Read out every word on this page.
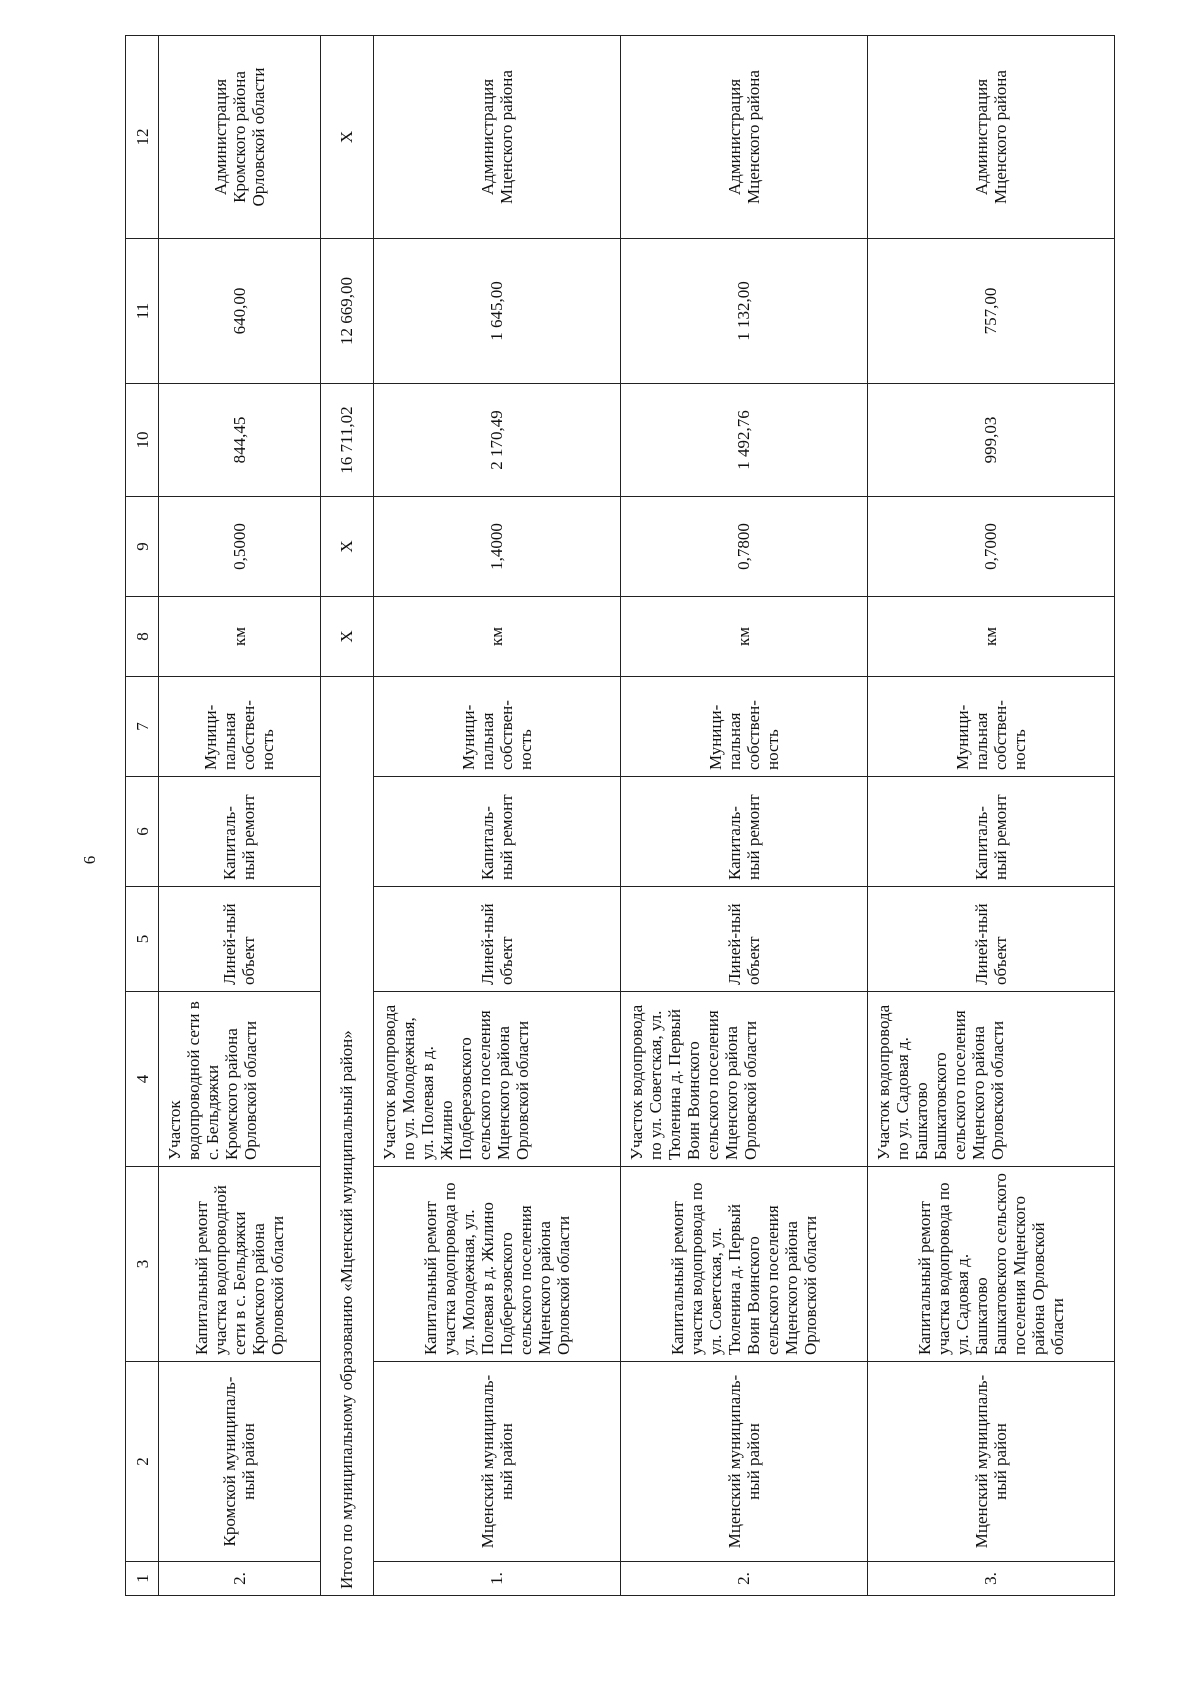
6
1	2	3	4	5	6	7	8	9	10	11	12
2.	Кромской муниципаль-ный район	Капитальный ремонт участка водопроводной сети в с. Бельдяжки Кромского района Орловской области	Участок водопроводной сети в с. Бельдяжки Кромского района Орловской области	Линей-ный объект	Капиталь-ный ремонт	Муници-пальная собствен-ность	км	0,5000	844,45	640,00	Администрация Кромского района Орловской области
Итого по муниципальному образованию «Мценский муниципальный район»							Х	Х	16 711,02	12 669,00	Х
1.	Мценский муниципаль-ный район	Капитальный ремонт участка водопровода по ул. Молодежная, ул. Полевая в д. Жилино Подберезовского сельского поселения Мценского района Орловской области	Участок водопровода по ул. Молодежная, ул. Полевая в д. Жилино Подберезовского сельского поселения Мценского района Орловской области	Линей-ный объект	Капиталь-ный ремонт	Муници-пальная собствен-ность	км	1,4000	2 170,49	1 645,00	Администрация Мценского района
2.	Мценский муниципаль-ный район	Капитальный ремонт участка водопровода по ул. Советская, ул. Тюленина д. Первый Воин Воинского сельского поселения Мценского района Орловской области	Участок водопровода по ул. Советская, ул. Тюленина д. Первый Воин Воинского сельского поселения Мценского района Орловской области	Линей-ный объект	Капиталь-ный ремонт	Муници-пальная собствен-ность	км	0,7800	1 492,76	1 132,00	Администрация Мценского района
3.	Мценский муниципаль-ный район	Капитальный ремонт участка водопровода по ул. Садовая д. Башкатово Башкатовского сельского поселения Мценского района Орловской области	Участок водопровода по ул. Садовая д. Башкатово Башкатовского сельского поселения Мценского района Орловской области	Линей-ный объект	Капиталь-ный ремонт	Муници-пальная собствен-ность	км	0,7000	999,03	757,00	Администрация Мценского района
